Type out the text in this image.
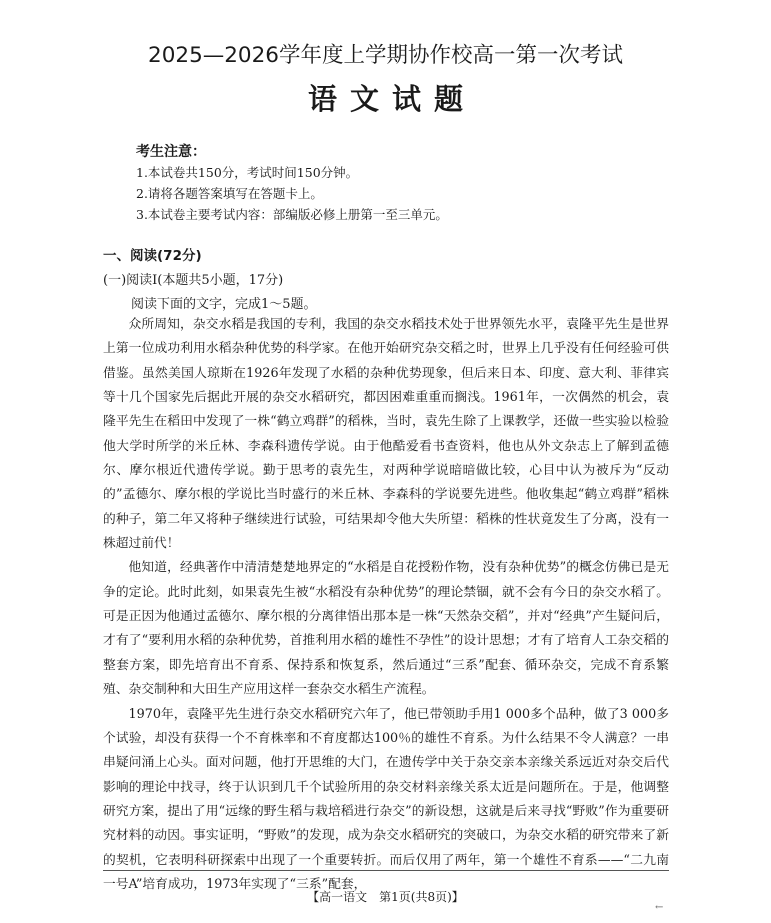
2025—2026学年度上学期协作校高一第一次考试
语文试题
考生注意：
1.本试卷共150分，考试时间150分钟。
2.请将各题答案填写在答题卡上。
3.本试卷主要考试内容：部编版必修上册第一至三单元。
一、阅读(72分)
(一)阅读Ⅰ(本题共5小题，17分)
阅读下面的文字，完成1～5题。

众所周知，杂交水稻是我国的专利，我国的杂交水稻技术处于世界领先水平，袁隆平先生是世界上第一位成功利用水稻杂种优势的科学家。在他开始研究杂交稻之时，世界上几乎没有任何经验可供借鉴。虽然美国人琼斯在1926年发现了水稻的杂种优势现象，但后来日本、印度、意大利、菲律宾等十几个国家先后据此开展的杂交水稻研究，都因困难重重而搁浅。1961年，一次偶然的机会，袁隆平先生在稻田中发现了一株“鹤立鸡群”的稻株，当时，袁先生除了上课教学，还做一些实验以检验他大学时所学的米丘林、李森科遗传学说。由于他酷爱看书查资料，他也从外文杂志上了解到孟德尔、摩尔根近代遗传学说。勤于思考的袁先生，对两种学说暗暗做比较，心目中认为被斥为“反动的”孟德尔、摩尔根的学说比当时盛行的米丘林、李森科的学说要先进些。他收集起“鹤立鸡群”稻株的种子，第二年又将种子继续进行试验，可结果却令他大失所望：稻株的性状竟发生了分离，没有一株超过前代！

他知道，经典著作中清清楚楚地界定的“水稻是自花授粉作物，没有杂种优势”的概念仿佛已是无争的定论。此时此刻，如果袁先生被“水稻没有杂种优势”的理论禁锢，就不会有今日的杂交水稻了。可是正因为他通过孟德尔、摩尔根的分离律悟出那本是一株“天然杂交稻”，并对“经典”产生疑问后，才有了“要利用水稻的杂种优势，首推利用水稻的雄性不孕性”的设计思想；才有了培育人工杂交稻的整套方案，即先培育出不育系、保持系和恢复系，然后通过“三系”配套、循环杂交，完成不育系繁殖、杂交制种和大田生产应用这样一套杂交水稻生产流程。

1970年，袁隆平先生进行杂交水稻研究六年了，他已带领助手用1 000多个品种，做了3 000多个试验，却没有获得一个不育株率和不育度都达100％的雄性不育系。为什么结果不令人满意？一串串疑问涌上心头。面对问题，他打开思维的大门，在遗传学中关于杂交亲本亲缘关系远近对杂交后代影响的理论中找寻，终于认识到几千个试验所用的杂交材料亲缘关系太近是问题所在。于是，他调整研究方案，提出了用“远缘的野生稻与栽培稻进行杂交”的新设想，这就是后来寻找“野败”作为重要研究材料的动因。事实证明，“野败”的发现，成为杂交水稻研究的突破口，为杂交水稻的研究带来了新的契机，它表明科研探索中出现了一个重要转折。而后仅用了两年，第一个雄性不育系——“二九南一号A”培育成功，1973年实现了“三系”配套，

【高一语文　第1页(共8页)】
←
